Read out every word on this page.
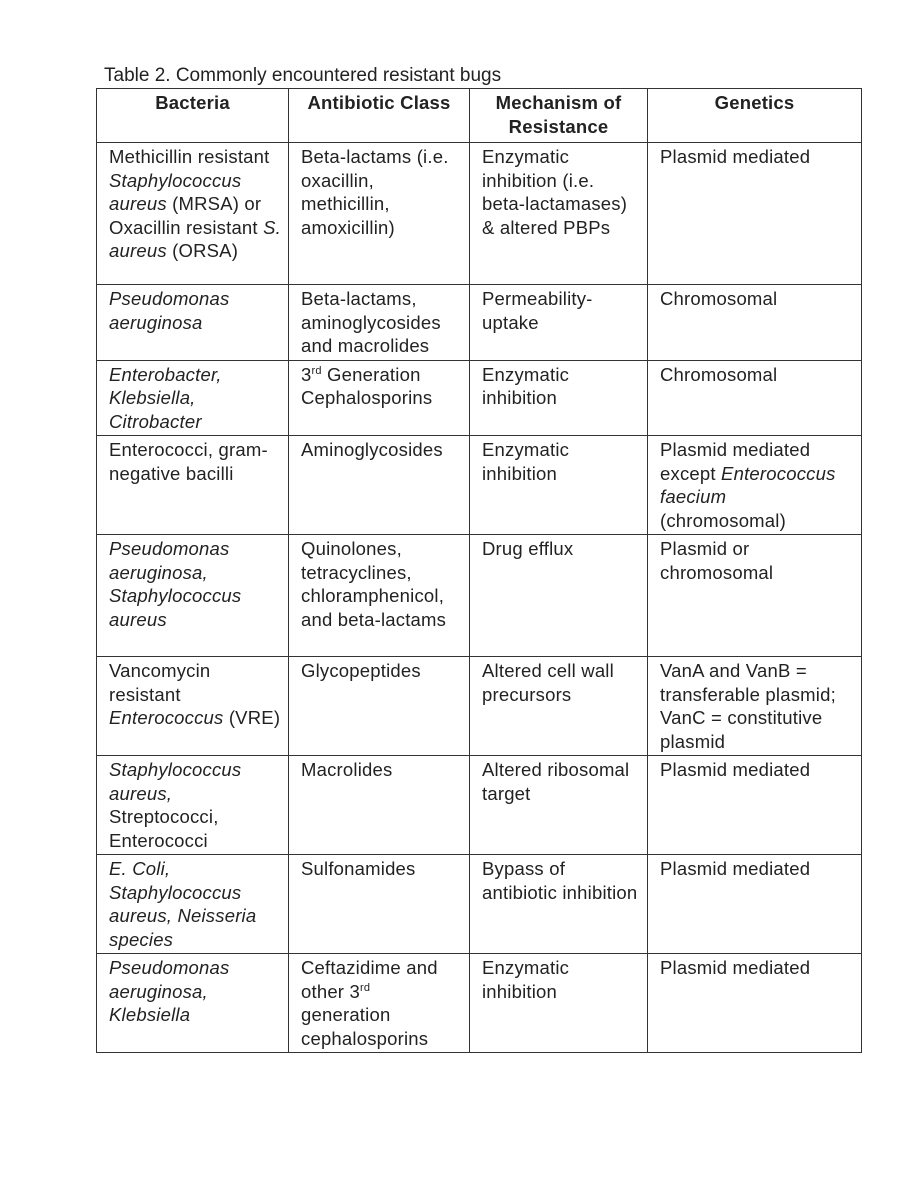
Table 2. Commonly encountered resistant bugs
Bacteria	Antibiotic Class	Mechanism of Resistance	Genetics
Methicillin resistant Staphylococcus aureus (MRSA) or Oxacillin resistant S. aureus (ORSA)	Beta-lactams (i.e. oxacillin, methicillin, amoxicillin)	Enzymatic inhibition (i.e. beta-lactamases) & altered PBPs	Plasmid mediated
Pseudomonas aeruginosa	Beta-lactams, aminoglycosides and macrolides	Permeability-uptake	Chromosomal
Enterobacter, Klebsiella, Citrobacter	3rd Generation Cephalosporins	Enzymatic inhibition	Chromosomal
Enterococci, gram-negative bacilli	Aminoglycosides	Enzymatic inhibition	Plasmid mediated except Enterococcus faecium (chromosomal)
Pseudomonas aeruginosa, Staphylococcus aureus	Quinolones, tetracyclines, chloramphenicol, and beta-lactams	Drug efflux	Plasmid or chromosomal
Vancomycin resistant Enterococcus (VRE)	Glycopeptides	Altered cell wall precursors	VanA and VanB = transferable plasmid; VanC = constitutive plasmid
Staphylococcus aureus, Streptococci, Enterococci	Macrolides	Altered ribosomal target	Plasmid mediated
E. Coli, Staphylococcus aureus, Neisseria species	Sulfonamides	Bypass of antibiotic inhibition	Plasmid mediated
Pseudomonas aeruginosa, Klebsiella	Ceftazidime and other 3rd generation cephalosporins	Enzymatic inhibition	Plasmid mediated
